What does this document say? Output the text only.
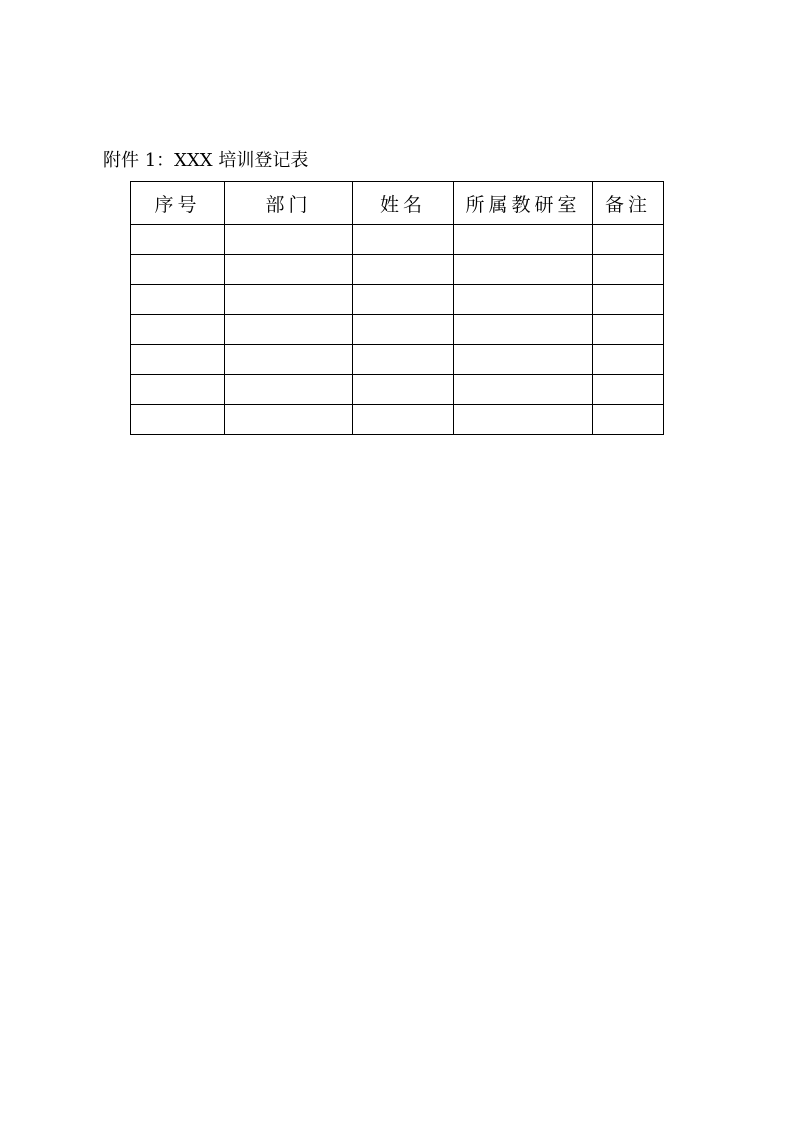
附件 1：XXX 培训登记表
序号	部门	姓名	所属教研室	备注
